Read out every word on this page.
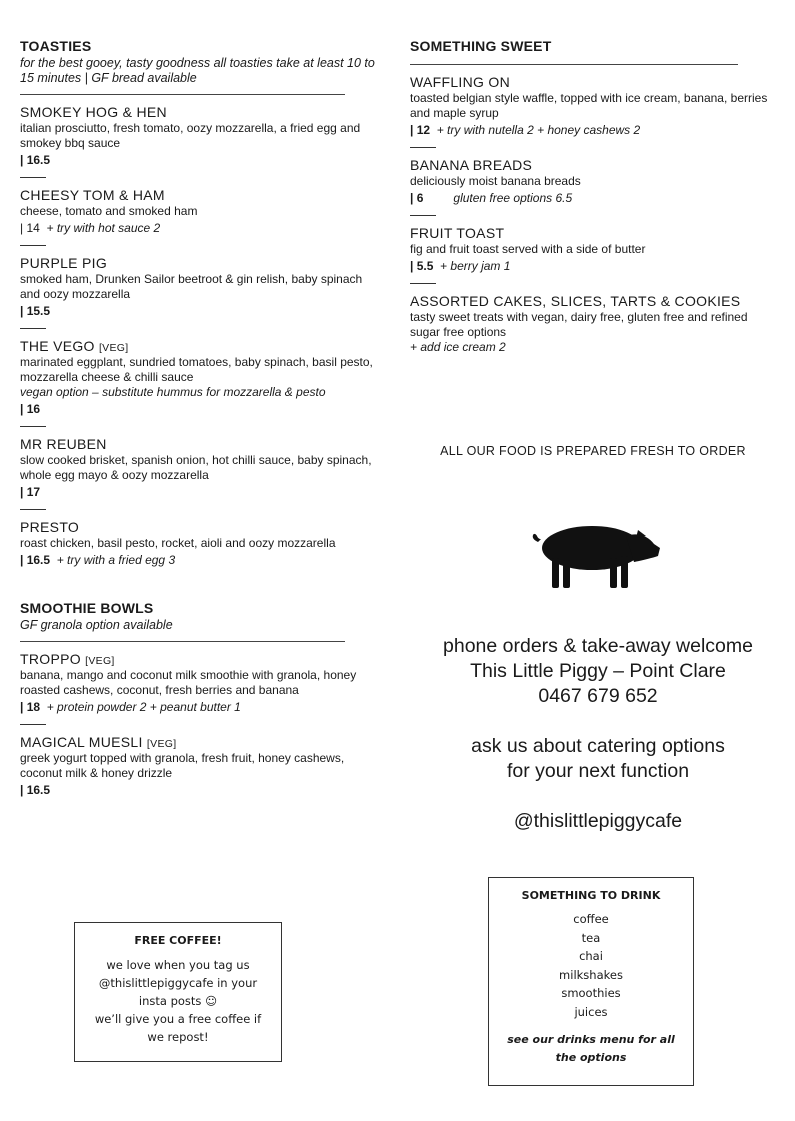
TOASTIES

for the best gooey, tasty goodness all toasties take at least 10 to 15 minutes | GF bread available

SMOKEY HOG & HEN

italian prosciutto, fresh tomato, oozy mozzarella, a fried egg and smokey bbq sauce

| 16.5

CHEESY TOM & HAM

cheese, tomato and smoked ham

| 14 + try with hot sauce 2

PURPLE PIG

smoked ham, Drunken Sailor beetroot & gin relish, baby spinach and oozy mozzarella

| 15.5

THE VEGO [VEG]

marinated eggplant, sundried tomatoes, baby spinach, basil pesto, mozzarella cheese & chilli sauce

vegan option – substitute hummus for mozzarella & pesto

| 16

MR REUBEN

slow cooked brisket, spanish onion, hot chilli sauce, baby spinach, whole egg mayo & oozy mozzarella

| 17

PRESTO

roast chicken, basil pesto, rocket, aioli and oozy mozzarella

| 16.5 + try with a fried egg 3

SMOOTHIE BOWLS

GF granola option available

TROPPO [VEG]

banana, mango and coconut milk smoothie with granola, honey roasted cashews, coconut, fresh berries and banana

| 18 + protein powder 2 + peanut butter 1

MAGICAL MUESLI [VEG]

greek yogurt topped with granola, fresh fruit, honey cashews, coconut milk & honey drizzle

| 16.5

SOMETHING SWEET
WAFFLING ON

toasted belgian style waffle, topped with ice cream, banana, berries and maple syrup

| 12 + try with nutella 2 + honey cashews 2

BANANA BREADS

deliciously moist banana breads

| 6	gluten free options 6.5

FRUIT TOAST

fig and fruit toast served with a side of butter

| 5.5 + berry jam 1

ASSORTED CAKES, SLICES, TARTS & COOKIES

tasty sweet treats with vegan, dairy free, gluten free and refined sugar free options

+ add ice cream 2

ALL OUR FOOD IS PREPARED FRESH TO ORDER

phone orders & take-away welcome

This Little Piggy – Point Clare

0467 679 652

ask us about catering options

for your next function

@thislittlepiggycafe

FREE COFFEE!
we love when you tag us
@thislittlepiggycafe in your
insta posts ☺
we’ll give you a free coffee if
we repost!
SOMETHING TO DRINK
coffee
tea
chai
milkshakes
smoothies
juices
see our drinks menu for all
the options
